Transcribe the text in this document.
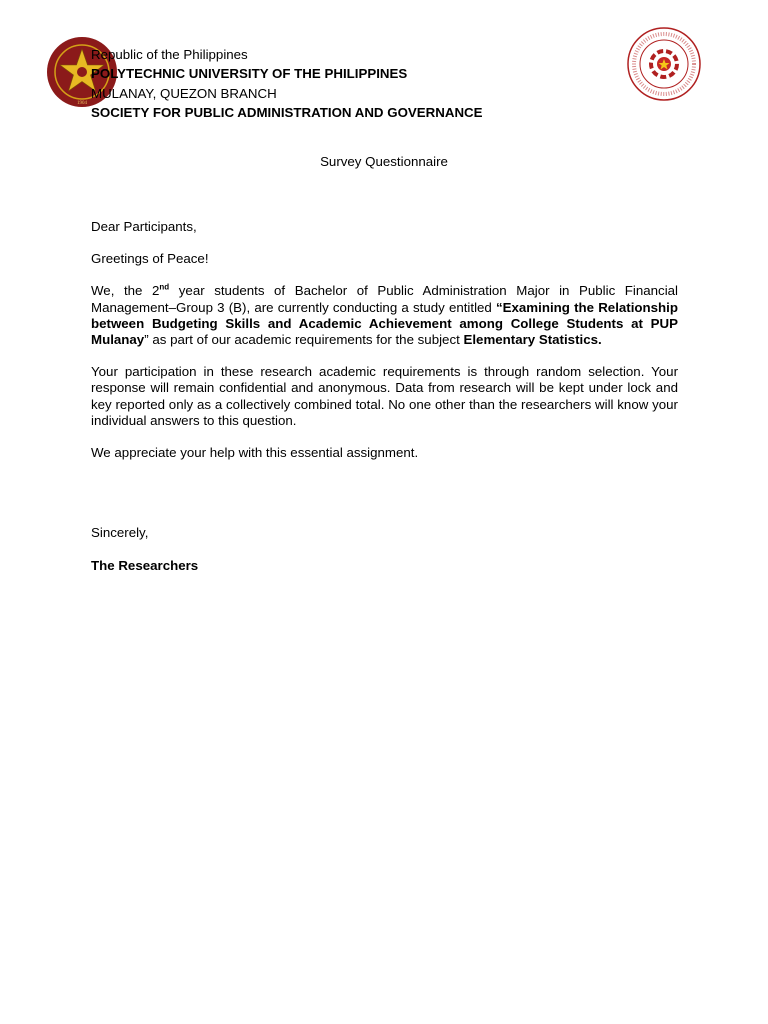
1904
Republic of the Philippines
POLYTECHNIC UNIVERSITY OF THE PHILIPPINES
MULANAY, QUEZON BRANCH
SOCIETY FOR PUBLIC ADMINISTRATION AND GOVERNANCE
Survey Questionnaire
Dear Participants,
Greetings of Peace!
We, the 2nd year students of Bachelor of Public Administration Major in Public Financial Management–Group 3 (B), are currently conducting a study entitled “Examining the Relationship between Budgeting Skills and Academic Achievement among College Students at PUP Mulanay” as part of our academic requirements for the subject Elementary Statistics.
Your participation in these research academic requirements is through random selection. Your response will remain confidential and anonymous. Data from research will be kept under lock and key reported only as a collectively combined total. No one other than the researchers will know your individual answers to this question.
We appreciate your help with this essential assignment.
Sincerely,
The Researchers
